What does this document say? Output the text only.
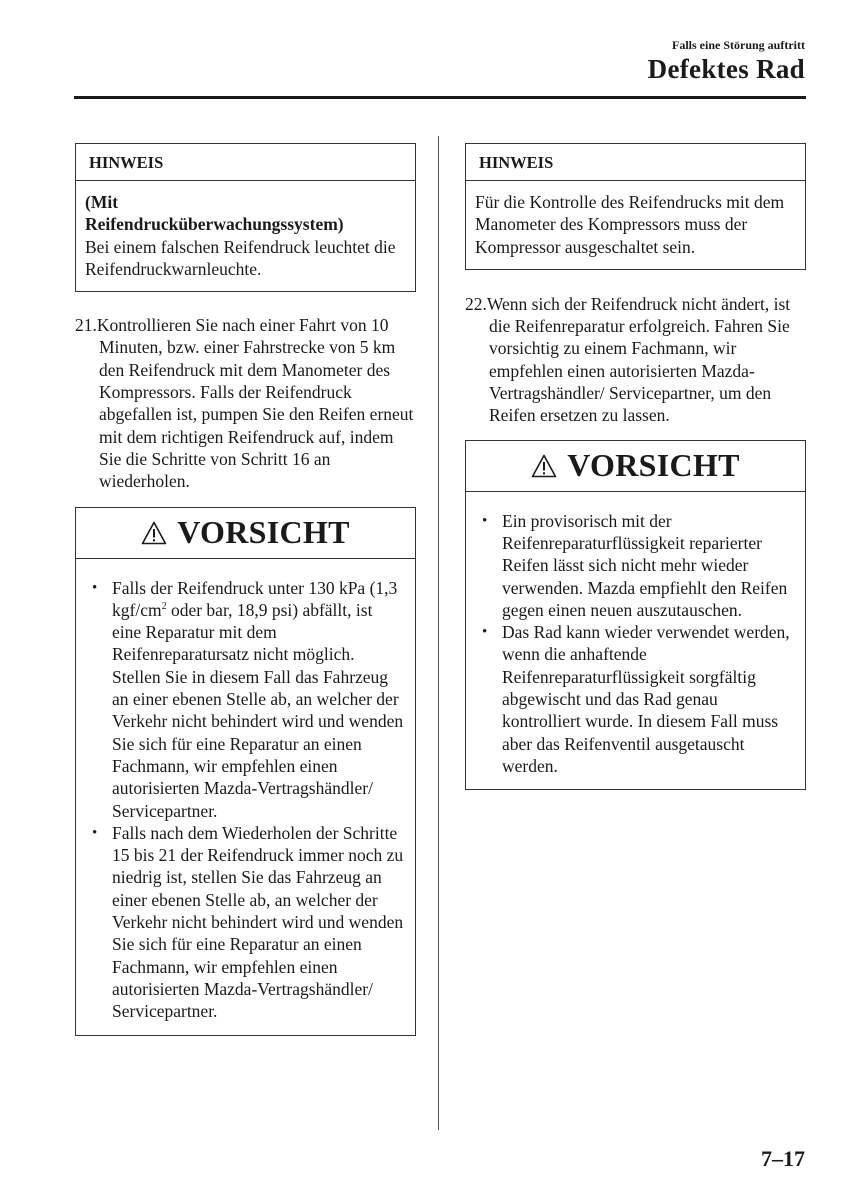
Falls eine Störung auftritt
Defektes Rad
HINWEIS
(Mit
Reifendrucküberwachungssystem)
Bei einem falschen Reifendruck leuchtet die Reifendruckwarnleuchte.
21.Kontrollieren Sie nach einer Fahrt von 10 Minuten, bzw. einer Fahrstrecke von 5 km den Reifendruck mit dem Manometer des Kompressors. Falls der Reifendruck abgefallen ist, pumpen Sie den Reifen erneut mit dem richtigen Reifendruck auf, indem Sie die Schritte von Schritt 16 an wiederholen.
VORSICHT

• Falls der Reifendruck unter 130 kPa (1,3 kgf/$cm^2$ oder bar, 18,9 psi) abfällt, ist eine Reparatur mit dem Reifenreparatursatz nicht möglich. Stellen Sie in diesem Fall das Fahrzeug an einer ebenen Stelle ab, an welcher der Verkehr nicht behindert wird und wenden Sie sich für eine Reparatur an einen Fachmann, wir empfehlen einen autorisierten Mazda-Vertragshändler/ Servicepartner.

• Falls nach dem Wiederholen der Schritte 15 bis 21 der Reifendruck immer noch zu niedrig ist, stellen Sie das Fahrzeug an einer ebenen Stelle ab, an welcher der Verkehr nicht behindert wird und wenden Sie sich für eine Reparatur an einen Fachmann, wir empfehlen einen autorisierten Mazda-Vertragshändler/ Servicepartner.

HINWEIS
Für die Kontrolle des Reifendrucks mit dem Manometer des Kompressors muss der Kompressor ausgeschaltet sein.
22.Wenn sich der Reifendruck nicht ändert, ist die Reifenreparatur erfolgreich. Fahren Sie vorsichtig zu einem Fachmann, wir empfehlen einen autorisierten Mazda-Vertragshändler/ Servicepartner, um den Reifen ersetzen zu lassen.
VORSICHT

• Ein provisorisch mit der Reifenreparaturflüssigkeit reparierter Reifen lässt sich nicht mehr wieder verwenden. Mazda empfiehlt den Reifen gegen einen neuen auszutauschen.

• Das Rad kann wieder verwendet werden, wenn die anhaftende Reifenreparaturflüssigkeit sorgfältig abgewischt und das Rad genau kontrolliert wurde. In diesem Fall muss aber das Reifenventil ausgetauscht werden.

7–17
